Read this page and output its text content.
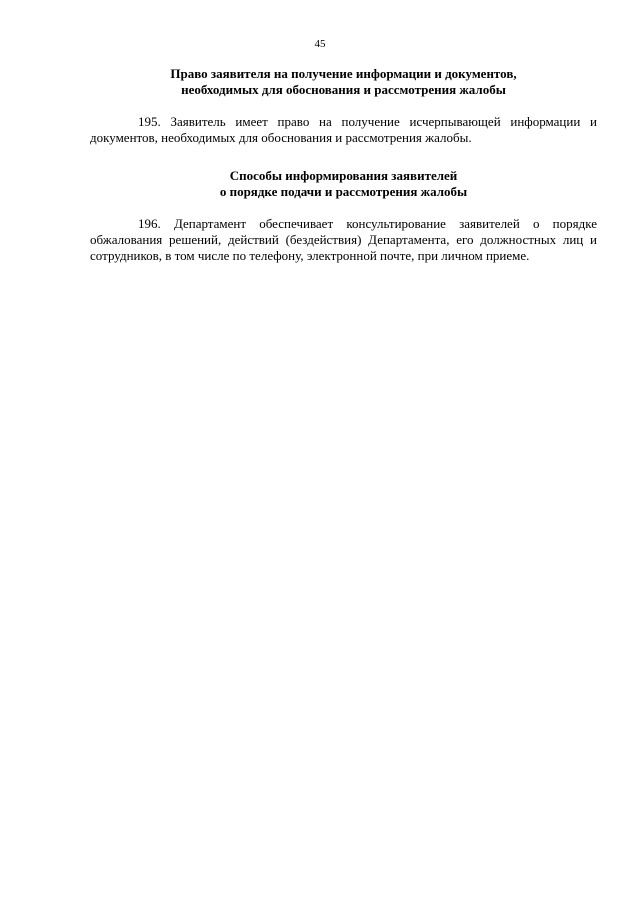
45
Право заявителя на получение информации и документов,
необходимых для обоснования и рассмотрения жалобы

195. Заявитель имеет право на получение исчерпывающей информации и документов, необходимых для обоснования и рассмотрения жалобы.

Способы информирования заявителей
о порядке подачи и рассмотрения жалобы

196. Департамент обеспечивает консультирование заявителей о порядке обжалования решений, действий (бездействия) Департамента, его должностных лиц и сотрудников, в том числе по телефону, электронной почте, при личном приеме.
